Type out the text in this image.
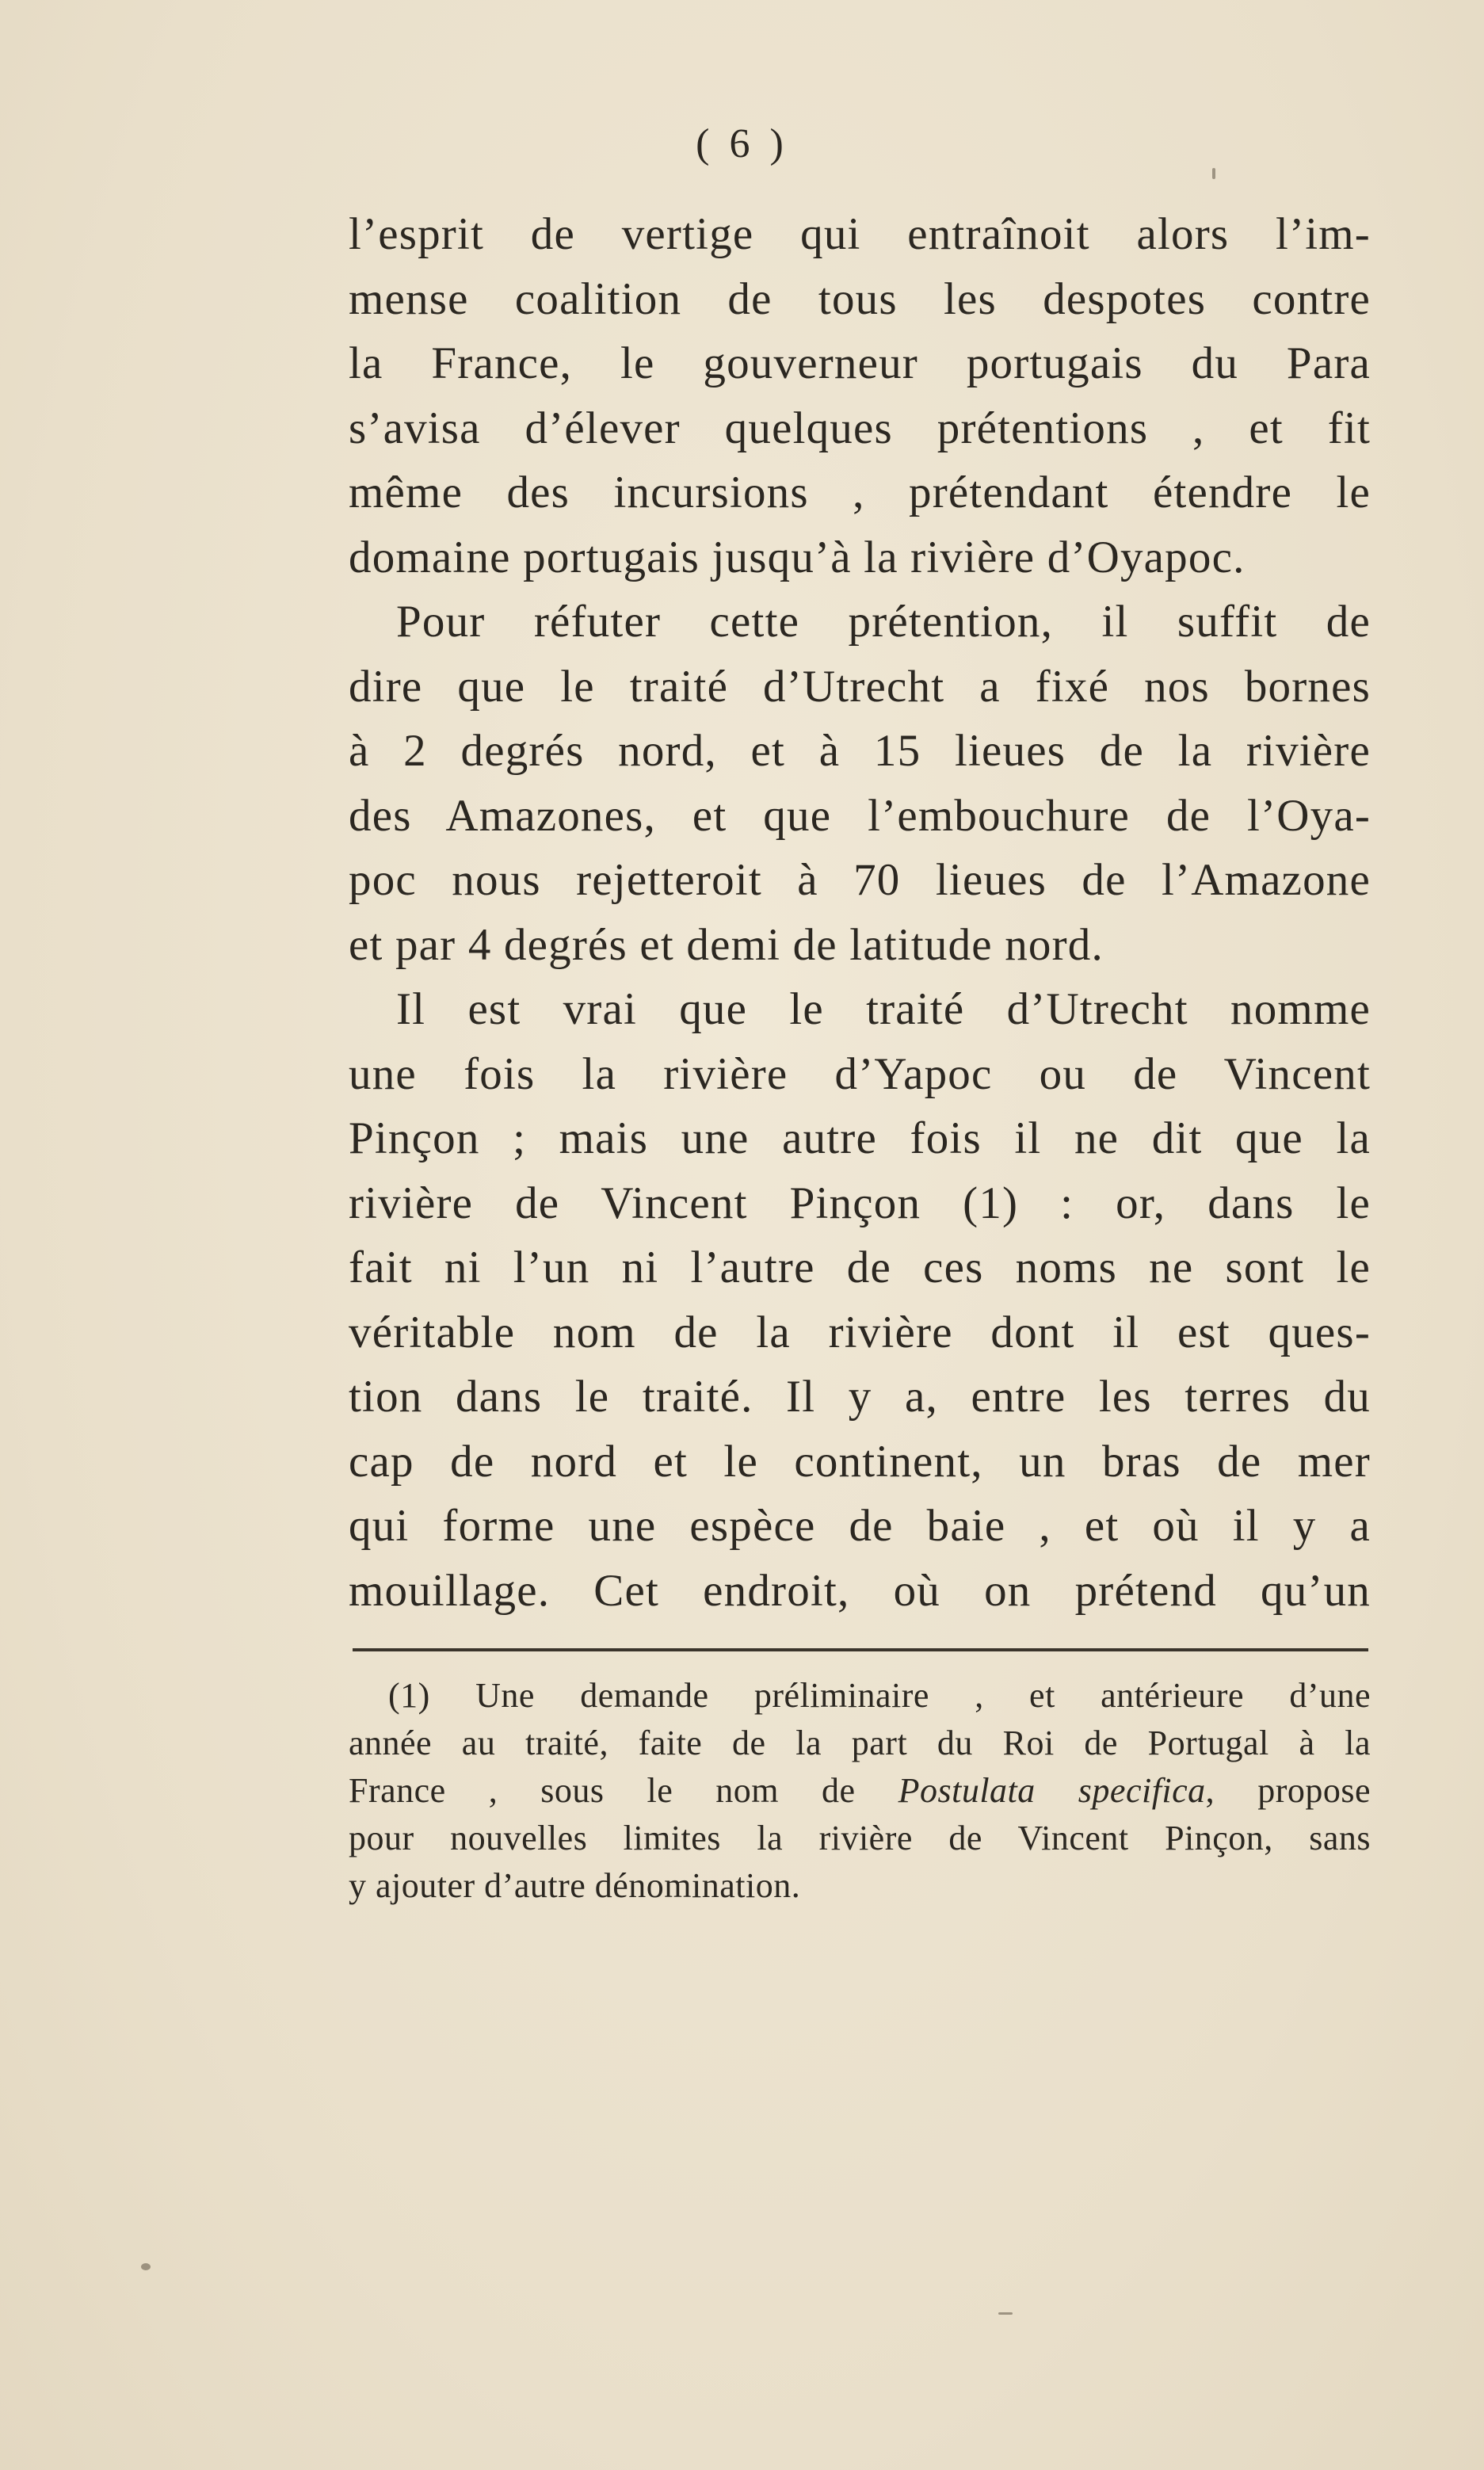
( 6 )
l’esprit de vertige qui entraînoit alors l’im-
mense coalition de tous les despotes contre
la France, le gouverneur portugais du Para
s’avisa d’élever quelques prétentions , et fit
même des incursions , prétendant étendre le
domaine portugais jusqu’à la rivière d’Oyapoc.
Pour réfuter cette prétention, il suffit de
dire que le traité d’Utrecht a fixé nos bornes
à 2 degrés nord, et à 15 lieues de la rivière
des Amazones, et que l’embouchure de l’Oya-
poc nous rejetteroit à 70 lieues de l’Amazone
et par 4 degrés et demi de latitude nord.
Il est vrai que le traité d’Utrecht nomme
une fois la rivière d’Yapoc ou de Vincent
Pinçon ; mais une autre fois il ne dit que la
rivière de Vincent Pinçon (1) : or, dans le
fait ni l’un ni l’autre de ces noms ne sont le
véritable nom de la rivière dont il est ques-
tion dans le traité. Il y a, entre les terres du
cap de nord et le continent, un bras de mer
qui forme une espèce de baie , et où il y a
mouillage. Cet endroit, où on prétend qu’un
(1) Une demande préliminaire , et antérieure d’une
année au traité, faite de la part du Roi de Portugal à la
France , sous le nom de Postulata specifica, propose
pour nouvelles limites la rivière de Vincent Pinçon, sans
y ajouter d’autre dénomination.
